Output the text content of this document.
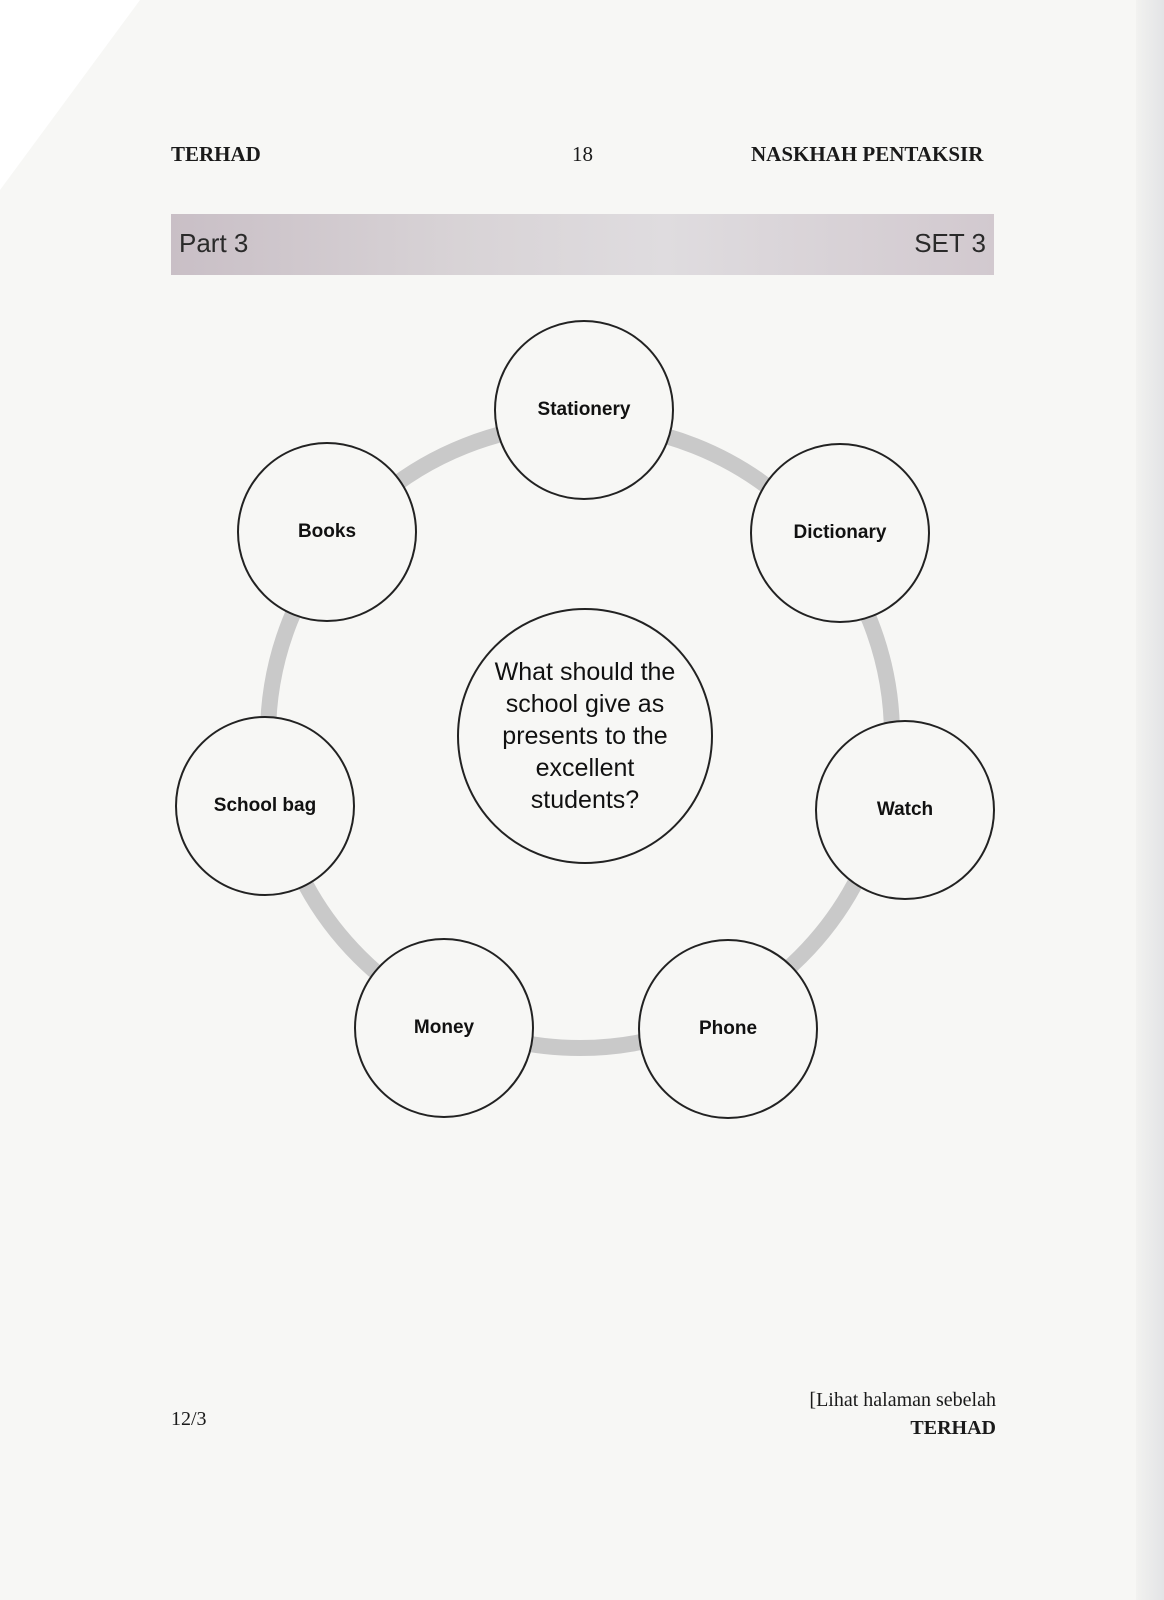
TERHAD	18	NASKHAH PENTAKSIR
Part 3	SET 3
Stationery
Dictionary
Watch
Phone
Money
School bag
Books
What should the school give as presents to the excellent students?
12/3
[Lihat halaman sebelah
TERHAD
